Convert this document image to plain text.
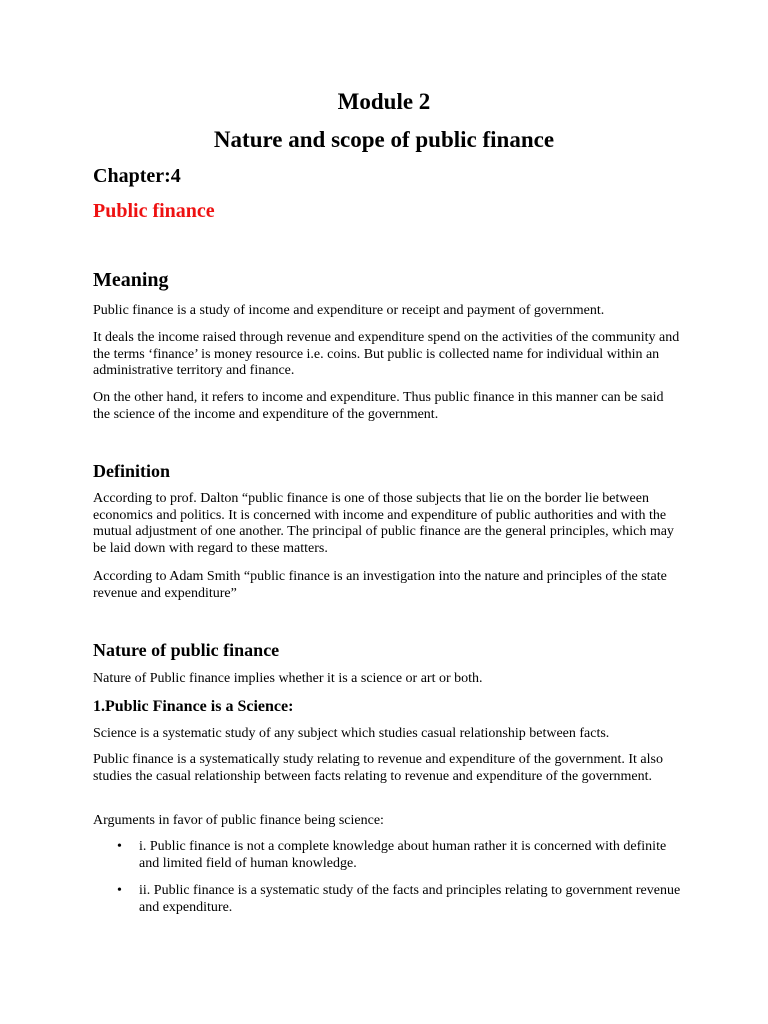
Module 2
Nature and scope of public finance
Chapter:4
Public finance
Meaning
Public finance is a study of income and expenditure or receipt and payment of government.
It deals the income raised through revenue and expenditure spend on the activities of the community and the terms ‘finance’ is money resource i.e. coins. But public is collected name for individual within an administrative territory and finance.
On the other hand, it refers to income and expenditure. Thus public finance in this manner can be said the science of the income and expenditure of the government.
Definition
According to prof. Dalton “public finance is one of those subjects that lie on the border lie between economics and politics. It is concerned with income and expenditure of public authorities and with the mutual adjustment of one another. The principal of public finance are the general principles, which may be laid down with regard to these matters.
According to Adam Smith “public finance is an investigation into the nature and principles of the state revenue and expenditure”
Nature of public finance
Nature of Public finance implies whether it is a science or art or both.
1.Public Finance is a Science:
Science is a systematic study of any subject which studies casual relationship between facts.
Public finance is a systematically study relating to revenue and expenditure of the government. It also studies the casual relationship between facts relating to revenue and expenditure of the government.
Arguments in favor of public finance being science:
• i. Public finance is not a complete knowledge about human rather it is concerned with definite and limited field of human knowledge.
• ii. Public finance is a systematic study of the facts and principles relating to government revenue and expenditure.
